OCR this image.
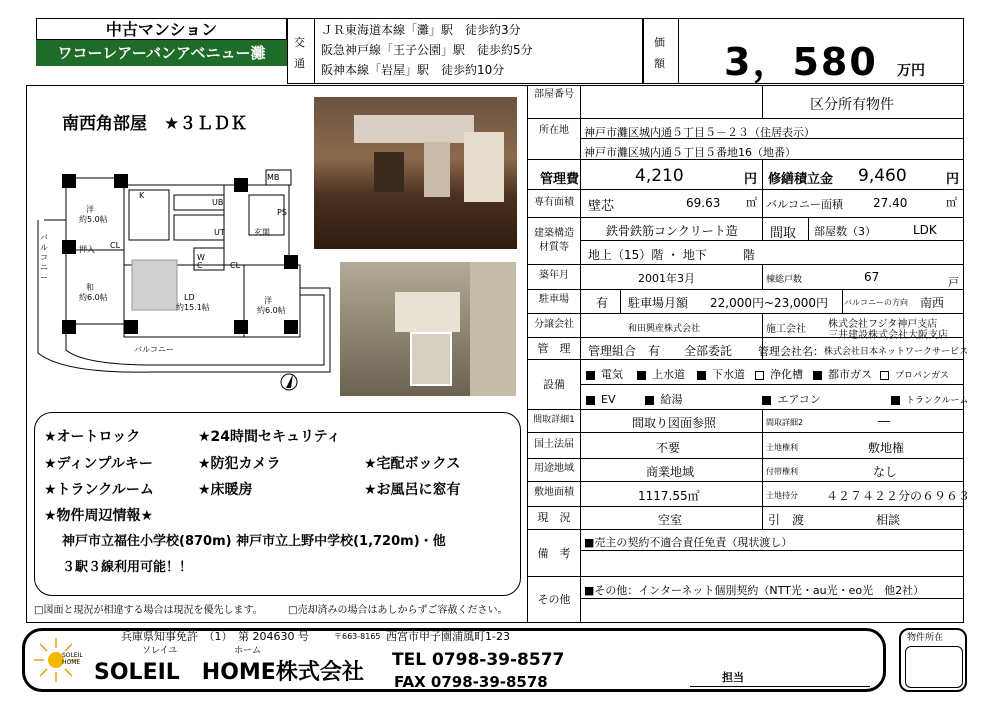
中古マンション
ワコーレアーバンアベニュー灘
交通
ＪＲ東海道本線「灘」駅　徒歩約3分
阪急神戸線「王子公園」駅　徒歩約5分
阪神本線「岩屋」駅　徒歩約10分
価額 3，580 万円
南西角部屋　★３ＬＤＫ
洋
約5.0帖
和
約6.0帖	LD
約15.1帖
洋
約6.0帖
K
UB
UT
W
C
玄関
押入 CL
CL
MB
PS
バルコニー
バ
ル
コ
ニ
ー
★オートロック	★24時間セキュリティ
★ディンプルキー	★防犯カメラ	★宅配ボックス
★トランクルーム	★床暖房	★お風呂に窓有
★物件周辺情報★
神戸市立福住小学校(870m) 神戸市立上野中学校(1,720m)・他
３駅３線利用可能！！
□図面と現況が相違する場合は現況を優先します。	□売却済みの場合はあしからずご容赦ください。
部屋番号
区分所有物件
所在地	神戸市灘区城内通５丁目５－２３（住居表示）
神戸市灘区城内通５丁目５番地16（地番）
管理費	4,210	円 修繕積立金 9,460	円
専有面積	壁芯	69.63 ㎡ バルコニー面積	27.40	㎡
建築構造
材質等
鉄骨鉄筋コンクリート造 間取 部屋数（3）	LDK
地上（15）階 ・ 地下　　　階
築年月	2001年3月	棟総戸数	67	戸
駐車場	有 駐車場月額 22,000円~23,000円 バルコニーの方向 南西
分譲会社	和田興産株式会社	施工会社 株式会社フジタ神戸支店
三井建設株式会社大阪支店
管　理	管理組合　有 全部委託 管理会社名： 株式会社日本ネットワークサービス
設備
電気	上水道 下水道 浄化槽 都市ガス	プロパンガス
EV	給湯	エアコン	トランクルーム
間取詳細1	間取り図面参照	間取詳細2	―
国土法届	不要	土地権利	敷地権
用途地域	商業地域	付帯権利	なし
敷地面積	1117.55㎡	土地持分 ４２７４２２分の６９６３
現　況	空室	引　渡	相談
備　考
■売主の契約不適合責任免責（現状渡し）
その他
■その他：インターネット個別契約（NTT光・au光・eo光　他2社）
SOLEIL
HOME
兵庫県知事免許　（1）　第 204630 号	〒663-8165 西宮市甲子園浦風町1-23
ソレイユ	ホーム
SOLEIL　HOME株式会社 TEL 0798-39-8577
FAX 0798-39-8578	担当
物件所在
